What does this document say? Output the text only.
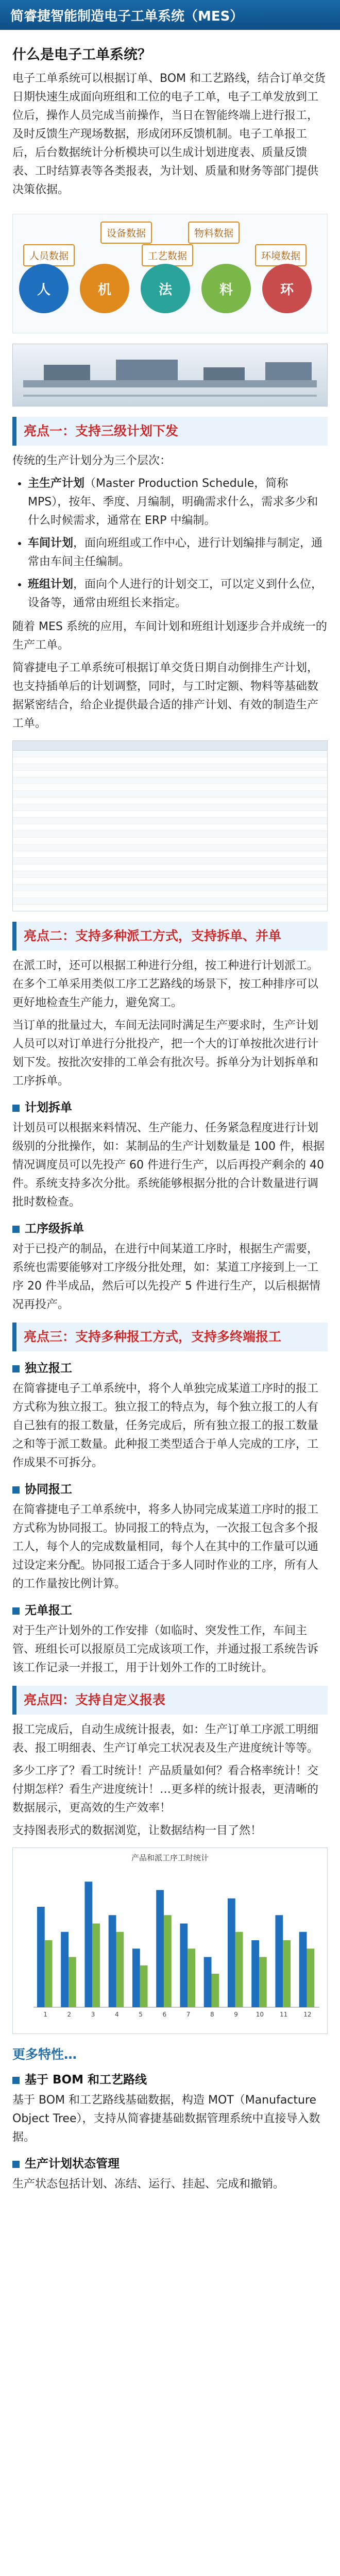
简睿捷智能制造电子工单系统（MES）
什么是电子工单系统？

电子工单系统可以根据订单、BOM 和工艺路线，结合订单交货日期快速生成面向班组和工位的电子工单，电子工单发放到工位后，操作人员完成当前操作，当日在智能终端上进行报工，及时反馈生产现场数据，形成闭环反馈机制。电子工单报工后，后台数据统计分析模块可以生成计划进度表、质量反馈表、工时结算表等各类报表，为计划、质量和财务等部门提供决策依据。

设备数据	物料数据
人员数据	工艺数据	环境数据
人	机	法	料	环
亮点一：支持三级计划下发

传统的生产计划分为三个层次：

• 主生产计划（Master Production Schedule，简称 MPS），按年、季度、月编制，明确需求什么，需求多少和什么时候需求，通常在 ERP 中编制。
• 车间计划，面向班组或工作中心，进行计划编排与制定，通常由车间主任编制。
• 班组计划，面向个人进行的计划交工，可以定义到什么位，设备等，通常由班组长来指定。

随着 MES 系统的应用，车间计划和班组计划逐步合并成统一的生产工单。

简睿捷电子工单系统可根据订单交货日期自动倒排生产计划，也支持插单后的计划调整，同时，与工时定额、物料等基础数据紧密结合，给企业提供最合适的排产计划、有效的制造生产工单。

亮点二：支持多种派工方式，支持拆单、并单

在派工时，还可以根据工种进行分组，按工种进行计划派工。在多个工单采用类似工序工艺路线的场景下，按工种排序可以更好地检查生产能力，避免窝工。

当订单的批量过大，车间无法同时满足生产要求时，生产计划人员可以对订单进行分批投产，把一个大的订单按批次进行计划下发。按批次安排的工单会有批次号。拆单分为计划拆单和工序拆单。

计划拆单

计划员可以根据来料情况、生产能力、任务紧急程度进行计划级别的分批操作，如：某制品的生产计划数量是 100 件，根据情况调度员可以先投产 60 件进行生产，以后再投产剩余的 40 件。系统支持多次分批。系统能够根据分批的合计数量进行调批时数检查。

工序级拆单

对于已投产的制品，在进行中间某道工序时，根据生产需要，系统也需要能够对工序级分批处理，如：某道工序接到上一工序 20 件半成品，然后可以先投产 5 件进行生产，以后根据情况再投产。

亮点三：支持多种报工方式，支持多终端报工
独立报工

在简睿捷电子工单系统中，将个人单独完成某道工序时的报工方式称为独立报工。独立报工的特点为，每个独立报工的人有自己独有的报工数量，任务完成后，所有独立报工的报工数量之和等于派工数量。此种报工类型适合于单人完成的工序，工作成果不可拆分。

协同报工

在简睿捷电子工单系统中，将多人协同完成某道工序时的报工方式称为协同报工。协同报工的特点为，一次报工包含多个报工人，每个人的完成数量相同，每个人在其中的工作量可以通过设定来分配。协同报工适合于多人同时作业的工序，所有人的工作量按比例计算。

无单报工

对于生产计划外的工作安排（如临时、突发性工作，车间主管、班组长可以报原员工完成该项工作，并通过报工系统告诉该工作记录一并报工，用于计划外工作的工时统计。

亮点四：支持自定义报表

报工完成后，自动生成统计报表，如：生产订单工序派工明细表、报工明细表、生产订单完工状况表及生产进度统计等等。

多少工序了？看工时统计！产品质量如何？看合格率统计！交付期怎样？看生产进度统计！…更多样的统计报表，更清晰的数据展示，更高效的生产效率！

支持图表形式的数据浏览，让数据结构一目了然！

产品和派工序工时统计
1	2	3	4	5	6	7	8	9	10	11	12
更多特性…
基于 BOM 和工艺路线

基于 BOM 和工艺路线基础数据，构造 MOT（Manufacture Object Tree），支持从简睿捷基础数据管理系统中直接导入数据。

生产计划状态管理

生产状态包括计划、冻结、运行、挂起、完成和撤销。
